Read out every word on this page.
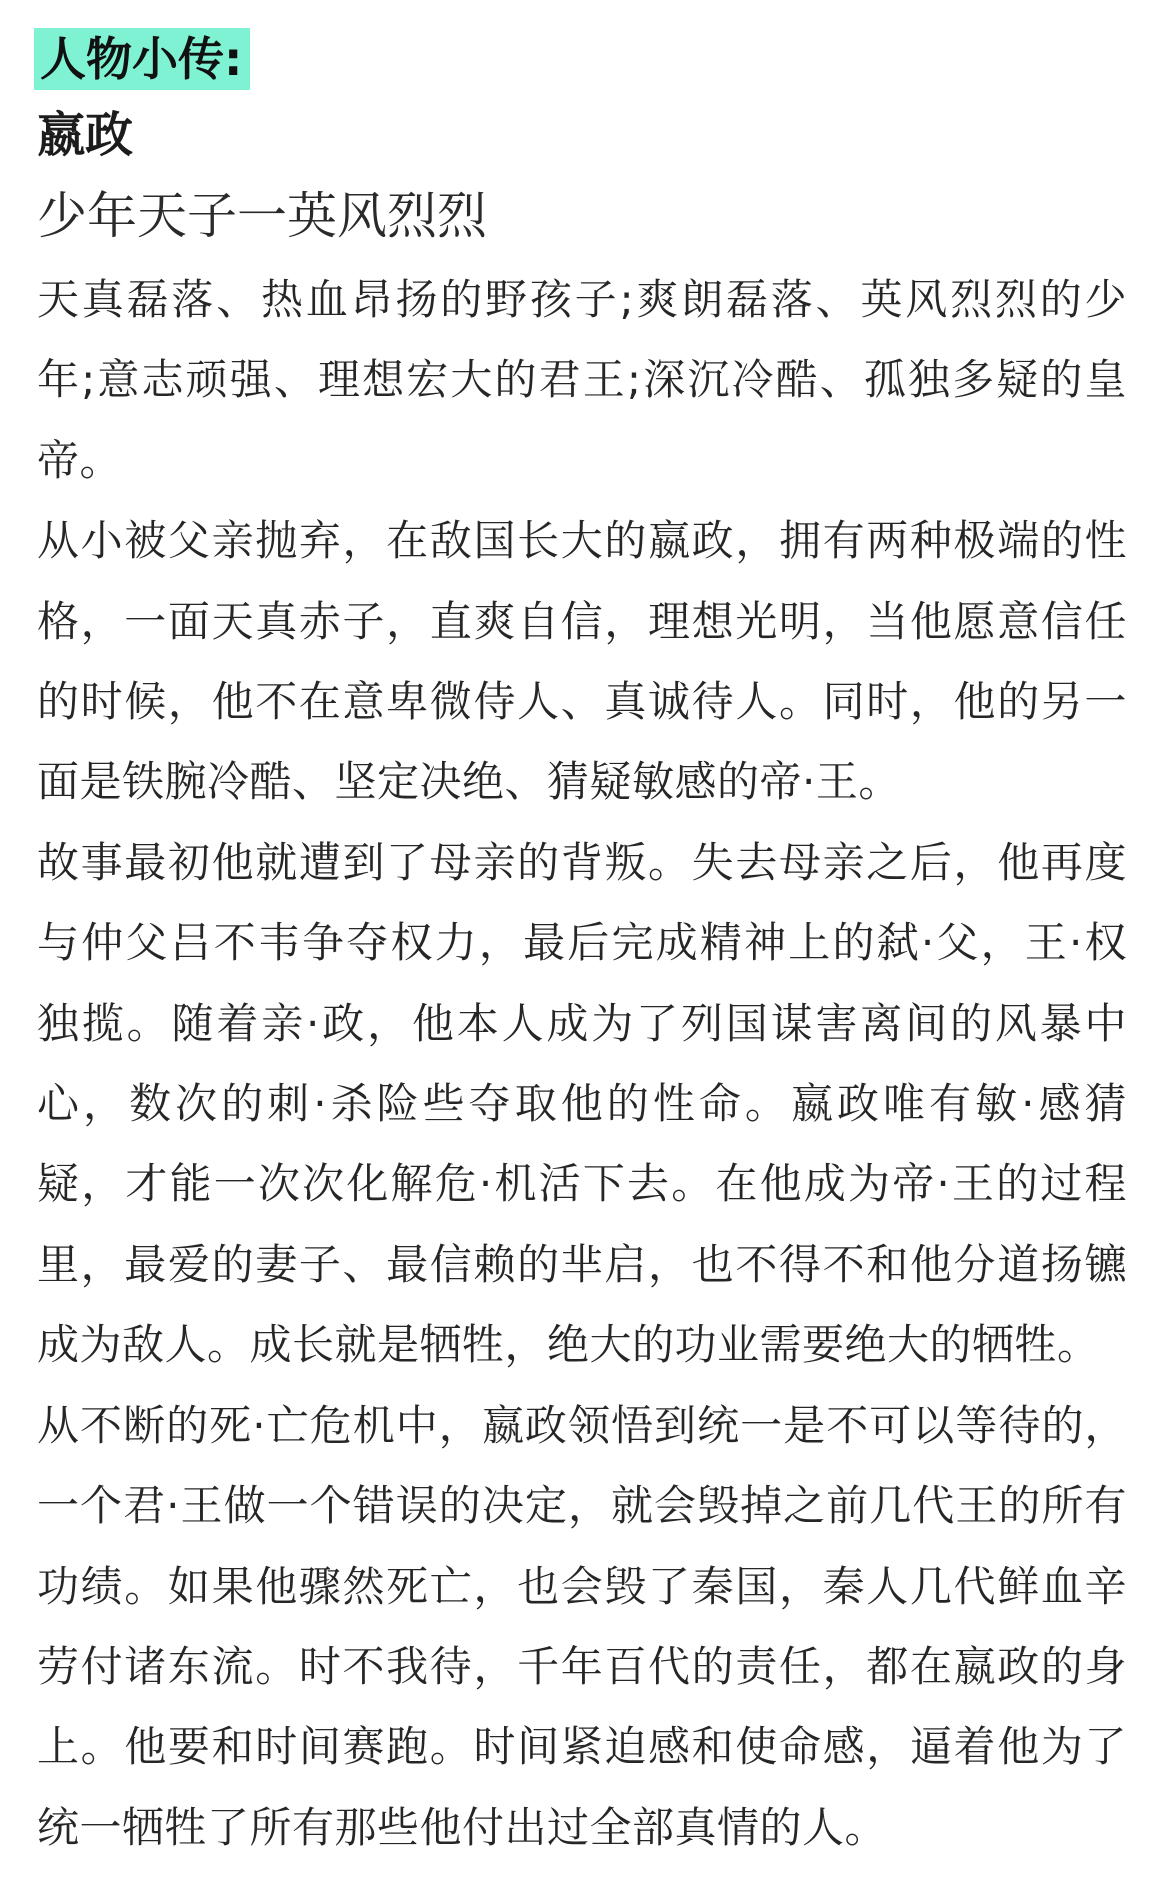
人物小传:
嬴政
少年天子一英风烈烈

天真磊落、热血昂扬的野孩子;爽朗磊落、英风烈烈的少年;意志顽强、理想宏大的君王;深沉冷酷、孤独多疑的皇帝。

从小被父亲抛弃，在敌国长大的嬴政，拥有两种极端的性格，一面天真赤子，直爽自信，理想光明，当他愿意信任的时候，他不在意卑微侍人、真诚待人。同时，他的另一面是铁腕冷酷、坚定决绝、猜疑敏感的帝·王。

故事最初他就遭到了母亲的背叛。失去母亲之后，他再度与仲父吕不韦争夺权力，最后完成精神上的弑·父，王·权独揽。随着亲·政，他本人成为了列国谋害离间的风暴中心，数次的刺·杀险些夺取他的性命。嬴政唯有敏·感猜疑，才能一次次化解危·机活下去。在他成为帝·王的过程里，最爱的妻子、最信赖的芈启，也不得不和他分道扬镳成为敌人。成长就是牺牲，绝大的功业需要绝大的牺牲。

从不断的死·亡危机中，嬴政领悟到统一是不可以等待的，一个君·王做一个错误的决定，就会毁掉之前几代王的所有功绩。如果他骤然死亡，也会毁了秦国，秦人几代鲜血辛劳付诸东流。时不我待，千年百代的责任，都在嬴政的身上。他要和时间赛跑。时间紧迫感和使命感，逼着他为了统一牺牲了所有那些他付出过全部真情的人。
